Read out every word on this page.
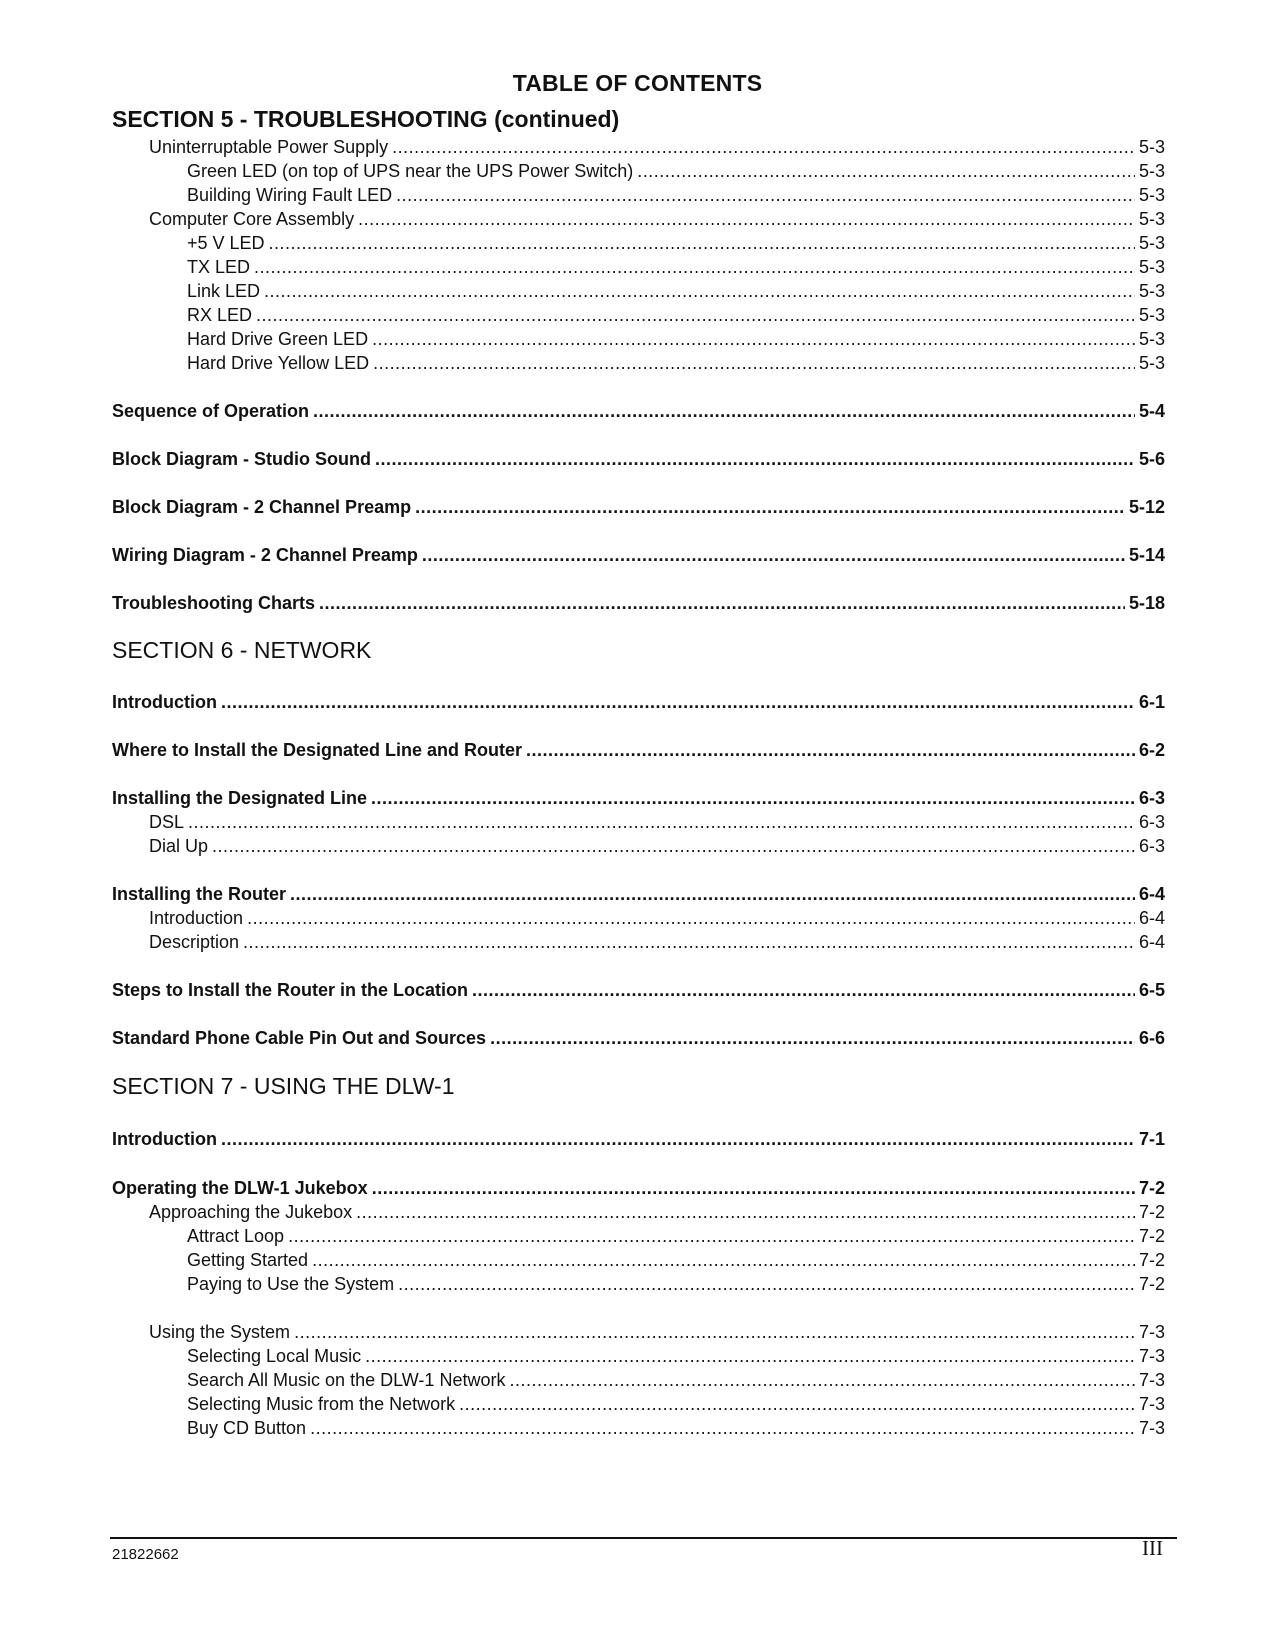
TABLE OF CONTENTS
SECTION 5 - TROUBLESHOOTING (continued)
Uninterruptable Power Supply .....	5-3
Green LED (on top of UPS near the UPS Power Switch) .....	5-3
Building Wiring Fault LED .....	5-3
Computer Core Assembly .....	5-3
+5 V LED .....	5-3
TX LED .....	5-3
Link LED .....	5-3
RX LED .....	5-3
Hard Drive Green LED .....	5-3
Hard Drive Yellow LED .....	5-3
Sequence of Operation .....	5-4
Block Diagram - Studio Sound .....	5-6
Block Diagram - 2 Channel Preamp .....	5-12
Wiring Diagram - 2 Channel Preamp .....	5-14
Troubleshooting Charts .....	5-18
SECTION 6 - NETWORK
Introduction .....	6-1
Where to Install the Designated Line and Router .....	6-2
Installing the Designated Line .....	6-3
DSL .....	6-3
Dial Up .....	6-3
Installing the Router .....	6-4
Introduction .....	6-4
Description .....	6-4
Steps to Install the Router in the Location .....	6-5
Standard Phone Cable Pin Out and Sources .....	6-6
SECTION 7 - USING THE DLW-1
Introduction .....	7-1
Operating the DLW-1 Jukebox .....	7-2
Approaching the Jukebox .....	7-2
Attract Loop .....	7-2
Getting Started .....	7-2
Paying to Use the System .....	7-2
Using the System .....	7-3
Selecting Local Music .....	7-3
Search All Music on the DLW-1 Network .....	7-3
Selecting Music from the Network .....	7-3
Buy CD Button .....	7-3
21822662	III
